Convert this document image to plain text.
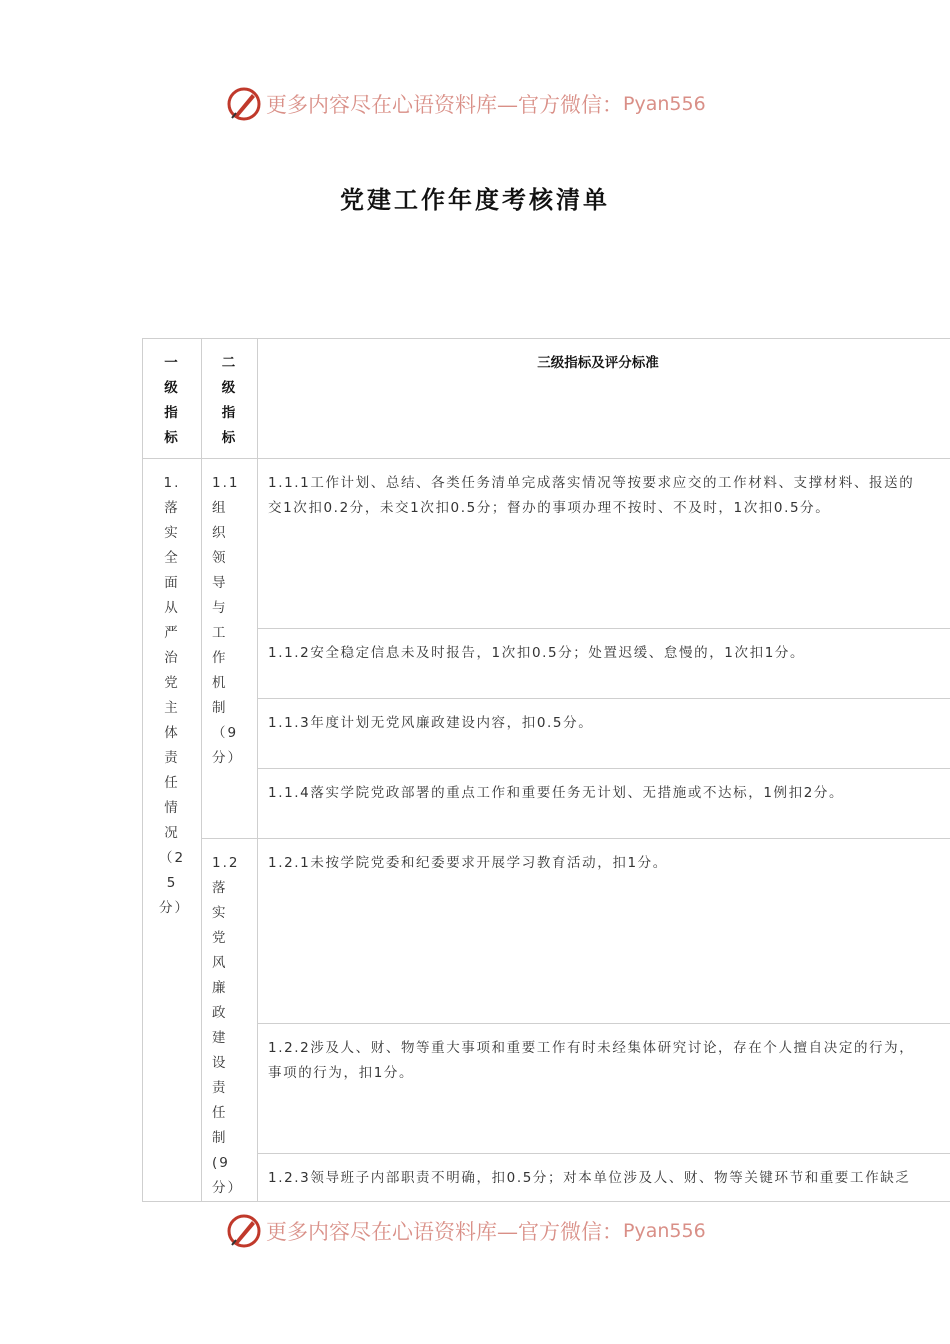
更多内容尽在心语资料库—官方微信： Pyan556
党建工作年度考核清单
一级指标	二级指标	三级指标及评分标准

1.落实全面从严治党主体责任情况（25分）	1.1组织领导与工作机制（9分）	1.1.1工作计划、总结、各类任务清单完成落实情况等按要求应交的工作材料、支撑材料、报送的
交1次扣0.2分，未交1次扣0.5分；督办的事项办理不按时、不及时，1次扣0.5分。

		1.1.2安全稳定信息未及时报告，1次扣0.5分；处置迟缓、怠慢的，1次扣1分。

		1.1.3年度计划无党风廉政建设内容，扣0.5分。

		1.1.4落实学院党政部署的重点工作和重要任务无计划、无措施或不达标，1例扣2分。

	1.2落实党风廉政建设责任制(9分）	1.2.1未按学院党委和纪委要求开展学习教育活动，扣1分。

		1.2.2涉及人、财、物等重大事项和重要工作有时未经集体研究讨论，存在个人擅自决定的行为，
事项的行为，扣1分。

		1.2.3领导班子内部职责不明确，扣0.5分；对本单位涉及人、财、物等关键环节和重要工作缺乏
更多内容尽在心语资料库—官方微信： Pyan556
